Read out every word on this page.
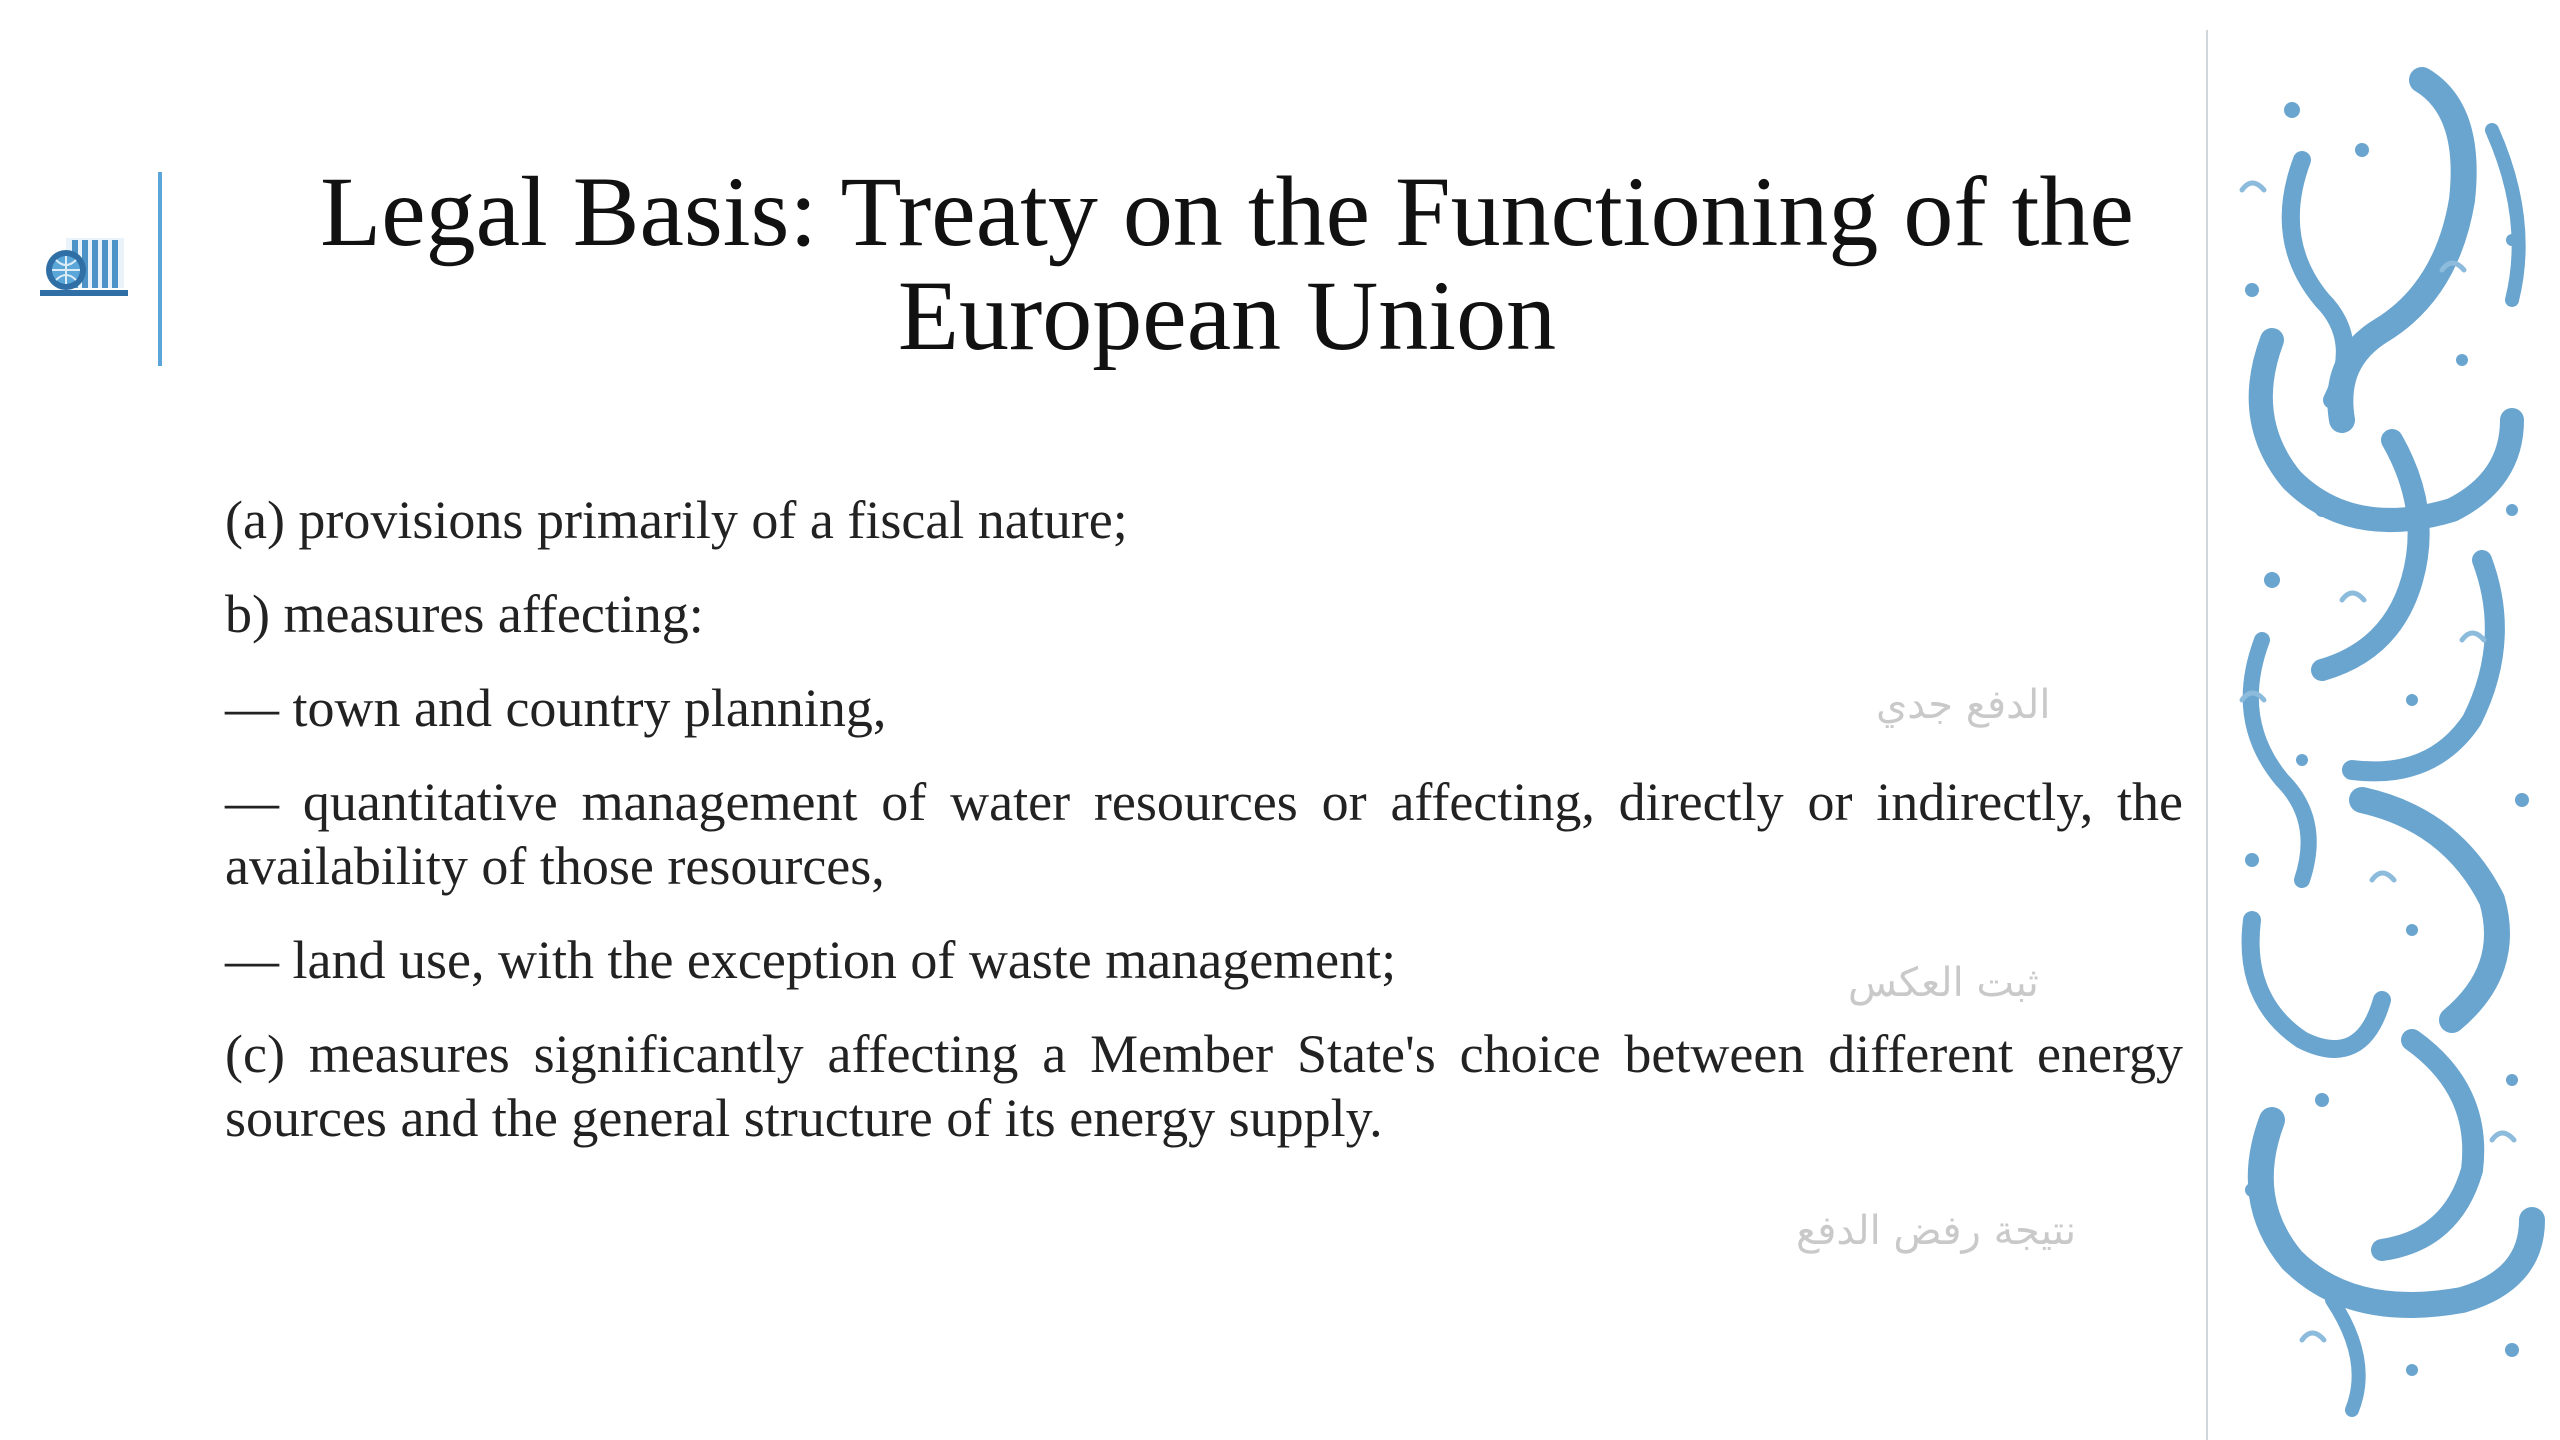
Legal Basis: Treaty on the Functioning of the
European Union

(a) provisions primarily of a fiscal nature;

b) measures affecting:

— town and country planning,

— quantitative management of water resources or affecting, directly or indirectly, the availability of those resources,

— land use, with the exception of waste management;

(c) measures significantly affecting a Member State's choice between different energy sources and the general structure of its energy supply.

الدفع جدي
ثبت العكس
نتيجة رفض الدفع
